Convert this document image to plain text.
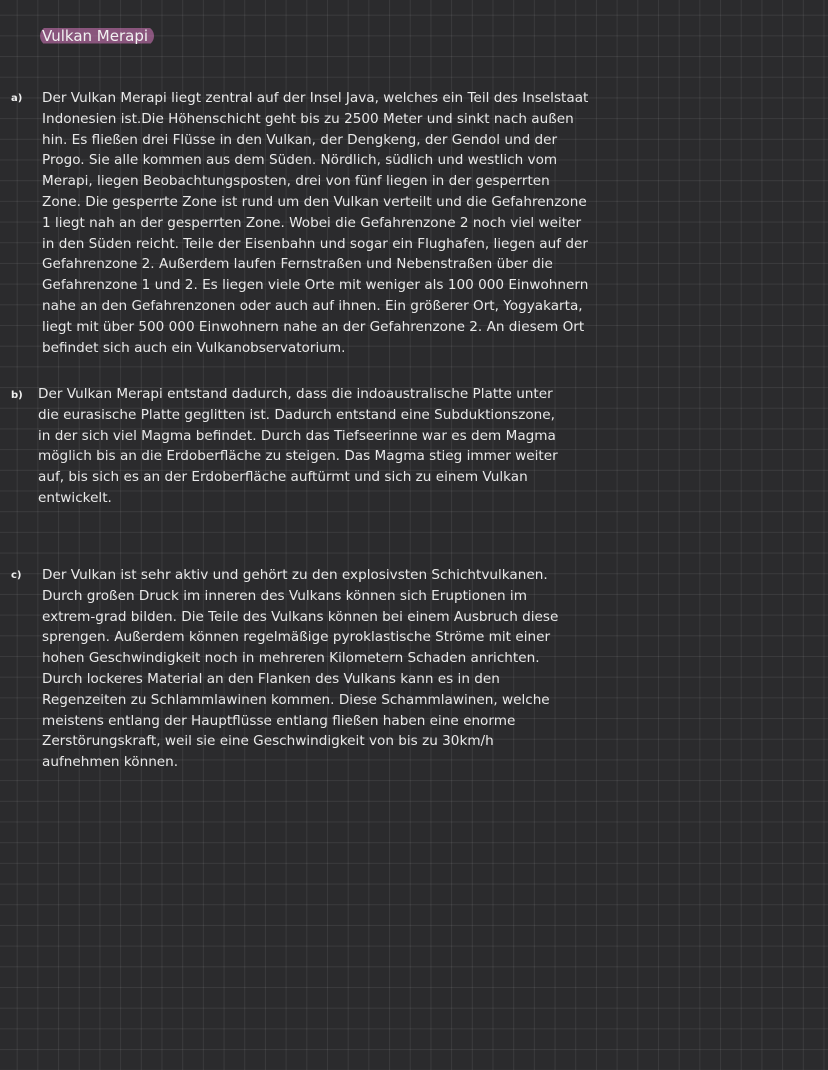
Vulkan Merapi
a) Der Vulkan Merapi liegt zentral auf der Insel Java, welches ein Teil des Inselstaat
Indonesien ist.Die Höhenschicht geht bis zu 2500 Meter und sinkt nach außen
hin. Es fließen drei Flüsse in den Vulkan, der Dengkeng, der Gendol und der
Progo. Sie alle kommen aus dem Süden. Nördlich, südlich und westlich vom
Merapi, liegen Beobachtungsposten, drei von fünf liegen in der gesperrten
Zone. Die gesperrte Zone ist rund um den Vulkan verteilt und die Gefahrenzone
1 liegt nah an der gesperrten Zone. Wobei die Gefahrenzone 2 noch viel weiter
in den Süden reicht. Teile der Eisenbahn und sogar ein Flughafen, liegen auf der
Gefahrenzone 2. Außerdem laufen Fernstraßen und Nebenstraßen über die
Gefahrenzone 1 und 2. Es liegen viele Orte mit weniger als 100 000 Einwohnern
nahe an den Gefahrenzonen oder auch auf ihnen. Ein größerer Ort, Yogyakarta,
liegt mit über 500 000 Einwohnern nahe an der Gefahrenzone 2. An diesem Ort
befindet sich auch ein Vulkanobservatorium.
b) Der Vulkan Merapi entstand dadurch, dass die indoaustralische Platte unter
die eurasische Platte geglitten ist. Dadurch entstand eine Subduktionszone,
in der sich viel Magma befindet. Durch das Tiefseerinne war es dem Magma
möglich bis an die Erdoberfläche zu steigen. Das Magma stieg immer weiter
auf, bis sich es an der Erdoberfläche auftürmt und sich zu einem Vulkan
entwickelt.
c) Der Vulkan ist sehr aktiv und gehört zu den explosivsten Schichtvulkanen.
Durch großen Druck im inneren des Vulkans können sich Eruptionen im
extrem-grad bilden. Die Teile des Vulkans können bei einem Ausbruch diese
sprengen. Außerdem können regelmäßige pyroklastische Ströme mit einer
hohen Geschwindigkeit noch in mehreren Kilometern Schaden anrichten.
Durch lockeres Material an den Flanken des Vulkans kann es in den
Regenzeiten zu Schlammlawinen kommen. Diese Schammlawinen, welche
meistens entlang der Hauptflüsse entlang fließen haben eine enorme
Zerstörungskraft, weil sie eine Geschwindigkeit von bis zu 30km/h
aufnehmen können.
